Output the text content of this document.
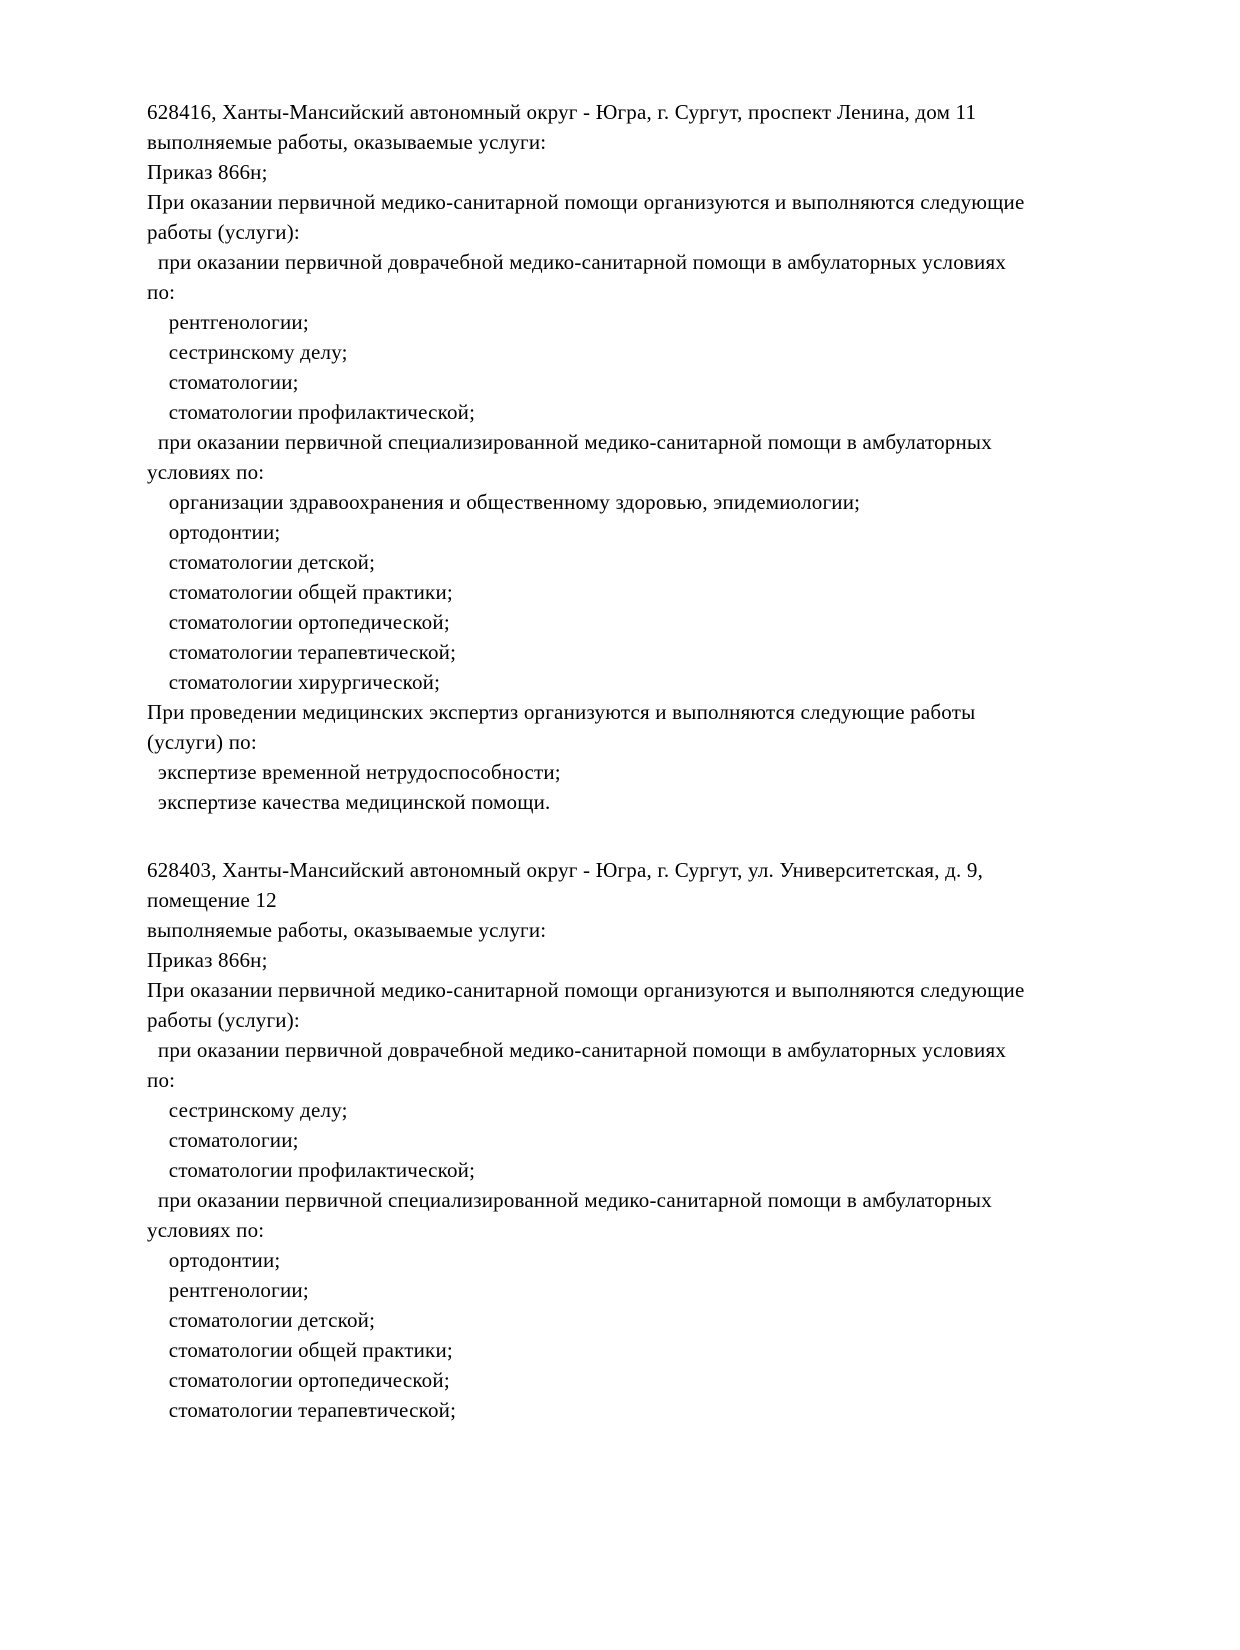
628416, Ханты-Мансийский автономный округ - Югра, г. Сургут, проспект Ленина, дом 11
выполняемые работы, оказываемые услуги:
Приказ 866н;
При оказании первичной медико-санитарной помощи организуются и выполняются следующие
работы (услуги):
при оказании первичной доврачебной медико-санитарной помощи в амбулаторных условиях
по:
рентгенологии;
сестринскому делу;
стоматологии;
стоматологии профилактической;
при оказании первичной специализированной медико-санитарной помощи в амбулаторных
условиях по:
организации здравоохранения и общественному здоровью, эпидемиологии;
ортодонтии;
стоматологии детской;
стоматологии общей практики;
стоматологии ортопедической;
стоматологии терапевтической;
стоматологии хирургической;
При проведении медицинских экспертиз организуются и выполняются следующие работы
(услуги) по:
экспертизе временной нетрудоспособности;
экспертизе качества медицинской помощи.
628403, Ханты-Мансийский автономный округ - Югра, г. Сургут, ул. Университетская, д. 9,
помещение 12
выполняемые работы, оказываемые услуги:
Приказ 866н;
При оказании первичной медико-санитарной помощи организуются и выполняются следующие
работы (услуги):
при оказании первичной доврачебной медико-санитарной помощи в амбулаторных условиях
по:
сестринскому делу;
стоматологии;
стоматологии профилактической;
при оказании первичной специализированной медико-санитарной помощи в амбулаторных
условиях по:
ортодонтии;
рентгенологии;
стоматологии детской;
стоматологии общей практики;
стоматологии ортопедической;
стоматологии терапевтической;
